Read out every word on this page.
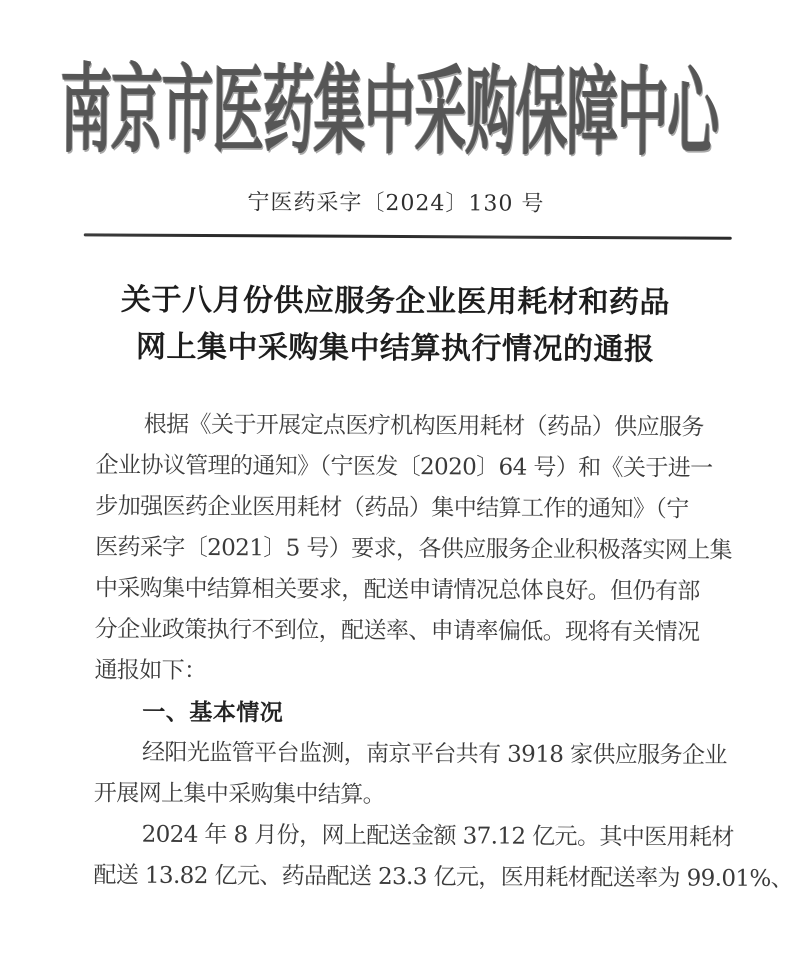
南京市医药集中采购保障中心
宁医药采字〔2024〕130 号
关于八月份供应服务企业医用耗材和药品
网上集中采购集中结算执行情况的通报
根据《关于开展定点医疗机构医用耗材（药品）供应服务
企业协议管理的通知》（宁医发〔2020〕64 号）和《关于进一
步加强医药企业医用耗材（药品）集中结算工作的通知》（宁
医药采字〔2021〕5 号）要求，各供应服务企业积极落实网上集
中采购集中结算相关要求，配送申请情况总体良好。但仍有部
分企业政策执行不到位，配送率、申请率偏低。现将有关情况
通报如下：
一、基本情况
经阳光监管平台监测，南京平台共有 3918 家供应服务企业
开展网上集中采购集中结算。
2024 年 8 月份，网上配送金额 37.12 亿元。其中医用耗材
配送 13.82 亿元、药品配送 23.3 亿元，医用耗材配送率为 99.01%、
